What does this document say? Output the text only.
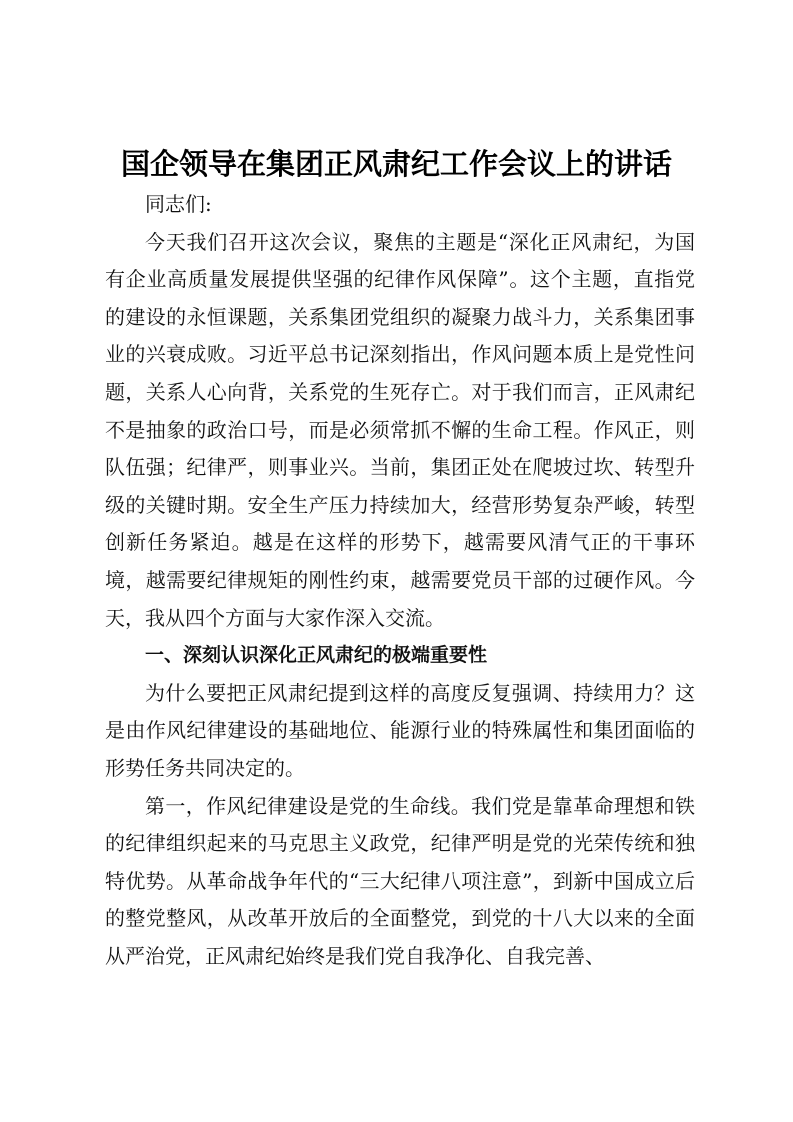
国企领导在集团正风肃纪工作会议上的讲话

同志们:

今天我们召开这次会议，聚焦的主题是“深化正风肃纪，为国有企业高质量发展提供坚强的纪律作风保障”。这个主题，直指党的建设的永恒课题，关系集团党组织的凝聚力战斗力，关系集团事业的兴衰成败。习近平总书记深刻指出，作风问题本质上是党性问题，关系人心向背，关系党的生死存亡。对于我们而言，正风肃纪不是抽象的政治口号，而是必须常抓不懈的生命工程。作风正，则队伍强；纪律严，则事业兴。当前，集团正处在爬坡过坎、转型升级的关键时期。安全生产压力持续加大，经营形势复杂严峻，转型创新任务紧迫。越是在这样的形势下，越需要风清气正的干事环境，越需要纪律规矩的刚性约束，越需要党员干部的过硬作风。今天，我从四个方面与大家作深入交流。

一、深刻认识深化正风肃纪的极端重要性

为什么要把正风肃纪提到这样的高度反复强调、持续用力？这是由作风纪律建设的基础地位、能源行业的特殊属性和集团面临的形势任务共同决定的。

第一，作风纪律建设是党的生命线。我们党是靠革命理想和铁的纪律组织起来的马克思主义政党，纪律严明是党的光荣传统和独特优势。从革命战争年代的“三大纪律八项注意”，到新中国成立后的整党整风，从改革开放后的全面整党，到党的十八大以来的全面从严治党，正风肃纪始终是我们党自我净化、自我完善、
